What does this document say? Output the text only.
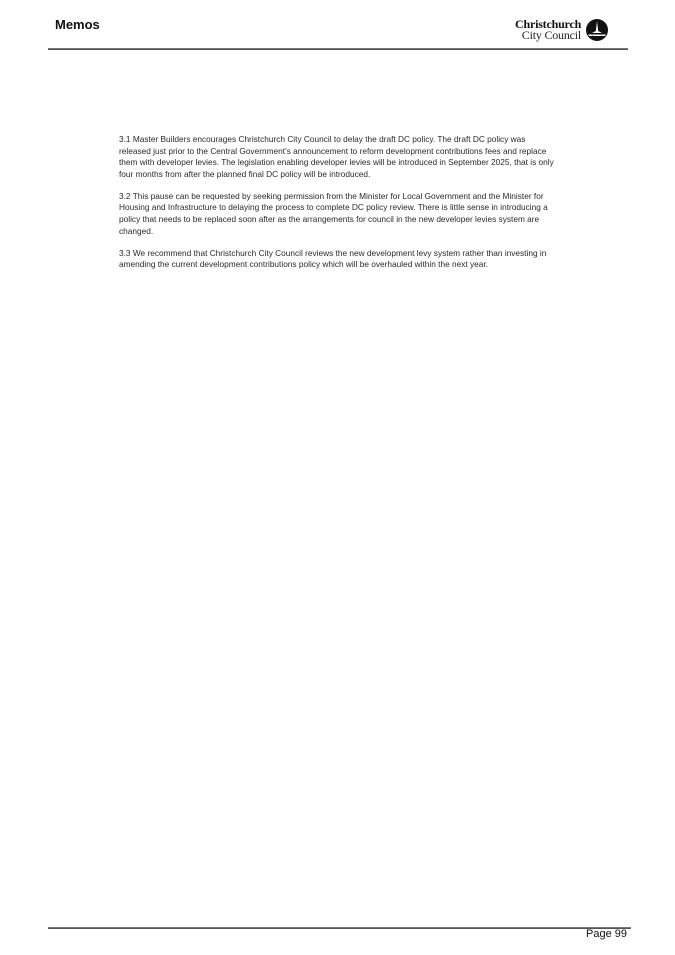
Memos	Christchurch
City Council

3.1 Master Builders encourages Christchurch City Council to delay the draft DC policy. The draft DC policy was released just prior to the Central Government’s announcement to reform development contributions fees and replace them with developer levies. The legislation enabling developer levies will be introduced in September 2025, that is only four months from after the planned final DC policy will be introduced.

3.2 This pause can be requested by seeking permission from the Minister for Local Government and the Minister for Housing and Infrastructure to delaying the process to complete DC policy review. There is little sense in introducing a policy that needs to be replaced soon after as the arrangements for council in the new developer levies system are changed.

3.3 We recommend that Christchurch City Council reviews the new development levy system rather than investing in amending the current development contributions policy which will be overhauled within the next year.

Page 99
